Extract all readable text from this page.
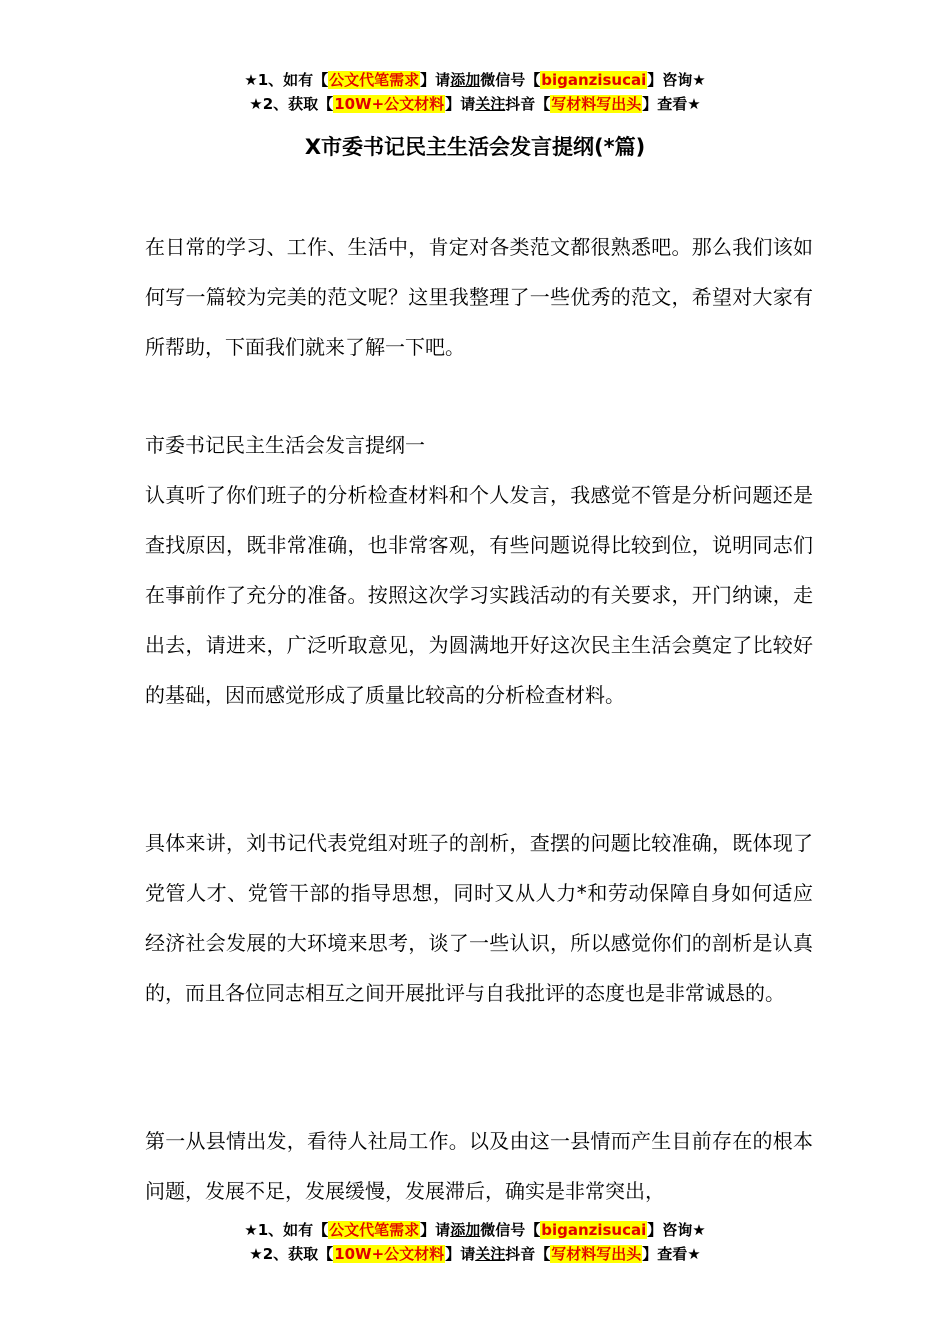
★1、如有【公文代笔需求】请添加微信号【biganzisucai】咨询★
★2、获取【10W+公文材料】请关注抖音【写材料写出头】查看★
X市委书记民主生活会发言提纲(*篇)

在日常的学习、工作、生活中，肯定对各类范文都很熟悉吧。那么我们该如何写一篇较为完美的范文呢？这里我整理了一些优秀的范文，希望对大家有所帮助，下面我们就来了解一下吧。

市委书记民主生活会发言提纲一

认真听了你们班子的分析检查材料和个人发言，我感觉不管是分析问题还是查找原因，既非常准确，也非常客观，有些问题说得比较到位，说明同志们在事前作了充分的准备。按照这次学习实践活动的有关要求，开门纳谏，走出去，请进来，广泛听取意见，为圆满地开好这次民主生活会奠定了比较好的基础，因而感觉形成了质量比较高的分析检查材料。

具体来讲，刘书记代表党组对班子的剖析，查摆的问题比较准确，既体现了党管人才、党管干部的指导思想，同时又从人力*和劳动保障自身如何适应经济社会发展的大环境来思考，谈了一些认识，所以感觉你们的剖析是认真的，而且各位同志相互之间开展批评与自我批评的态度也是非常诚恳的。

第一从县情出发，看待人社局工作。以及由这一县情而产生目前存在的根本问题，发展不足，发展缓慢，发展滞后，确实是非常突出，

★1、如有【公文代笔需求】请添加微信号【biganzisucai】咨询★
★2、获取【10W+公文材料】请关注抖音【写材料写出头】查看★
